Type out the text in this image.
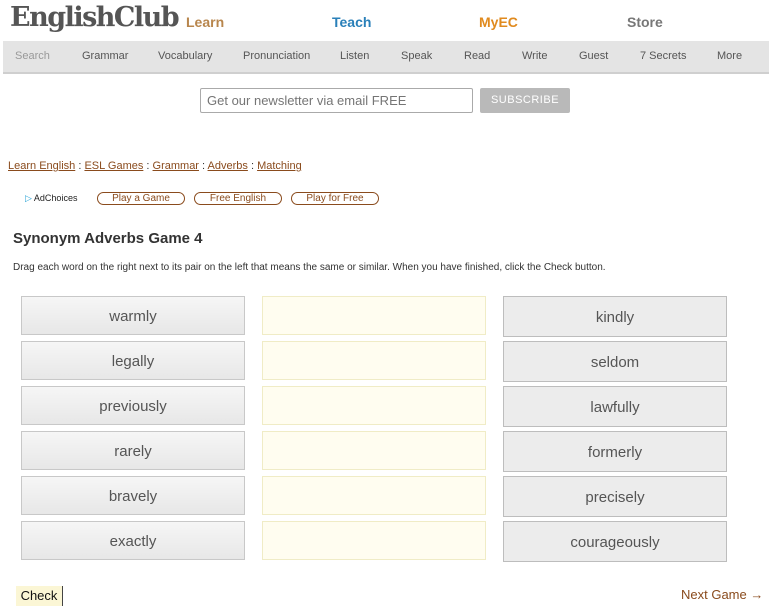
EnglishClub Learn	Teach	MyEC	Store
Search	Grammar	Vocabulary	Pronunciation	Listen	Speak	Read	Write	Guest	7 Secrets	More
Get our newsletter via email FREE
SUBSCRIBE
Learn English : ESL Games : Grammar : Adverbs : Matching
▷ AdChoices	Play a Game	Free English	Play for Free
Synonym Adverbs Game 4
Drag each word on the right next to its pair on the left that means the same or similar. When you have finished, click the Check button.
warmly
legally
previously
rarely
bravely
exactly
kindly
seldom
lawfully
formerly
precisely
courageously
Check	Next Game →
